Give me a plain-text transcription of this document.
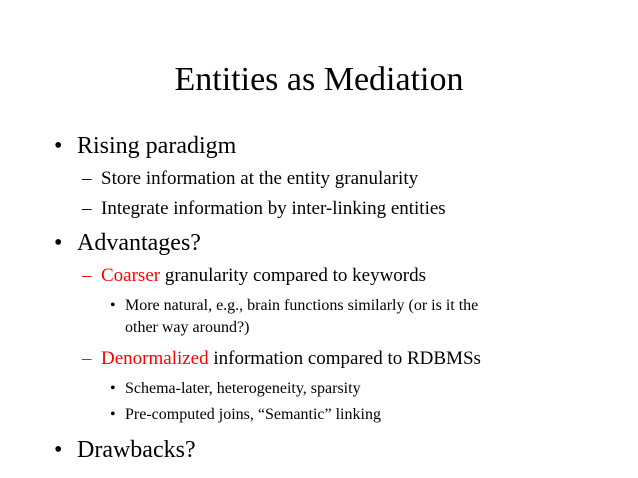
Entities as Mediation
• Rising paradigm
– Store information at the entity granularity
– Integrate information by inter-linking entities
• Advantages?
– Coarser granularity compared to keywords
• More natural, e.g., brain functions similarly (or is it the
other way around?)
– Denormalized information compared to RDBMSs
• Schema-later, heterogeneity, sparsity
• Pre-computed joins, “Semantic” linking
• Drawbacks?
